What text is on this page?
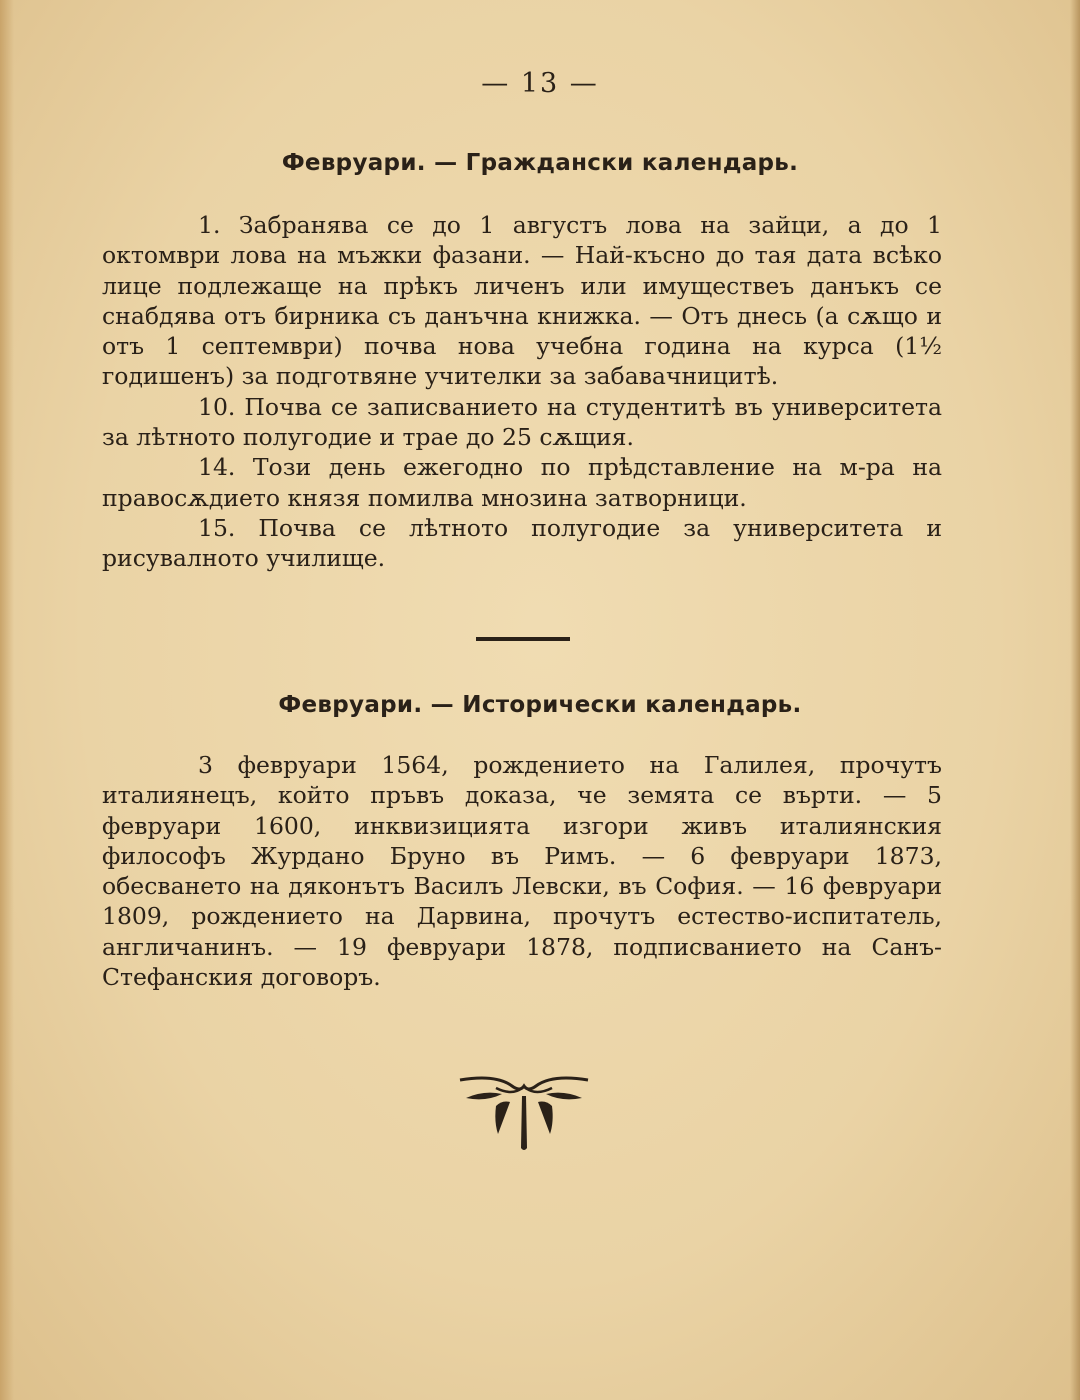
— 13 —
Февруари. — Граждански календарь.

1. Забранява се до 1 августъ лова на зайци, а до 1 октомври лова на мъжки фазани. — Най-късно до тая дата всѣко лице подлежаще на прѣкъ личенъ или имуществеъ данъкъ се снабдява отъ бирника съ данъчна книжка. — Отъ днесь (а сѫщо и отъ 1 септември) почва нова учебна година на курса (1½ годишенъ) за подготвяне учителки за забавачницитѣ.

10. Почва се записванието на студентитѣ въ университета за лѣтното полугодие и трае до 25 сѫщия.

14. Този день ежегодно по прѣдставление на м-ра на правосѫдието князя помилва мнозина затворници.

15. Почва се лѣтното полугодие за университета и рисувалното училище.

Февруари. — Исторически календарь.

3 февруари 1564, рождението на Галилея, прочутъ италиянецъ, който пръвъ доказа, че земята се върти. — 5 февруари 1600, инквизицията изгори живъ италиянския философъ Журдано Бруно въ Римъ. — 6 февруари 1873, обесването на дяконътъ Василъ Левски, въ София. — 16 февруари 1809, рождението на Дарвина, прочутъ естество-испитатель, англичанинъ. — 19 февруари 1878, подписванието на Санъ-Стефанския договоръ.
